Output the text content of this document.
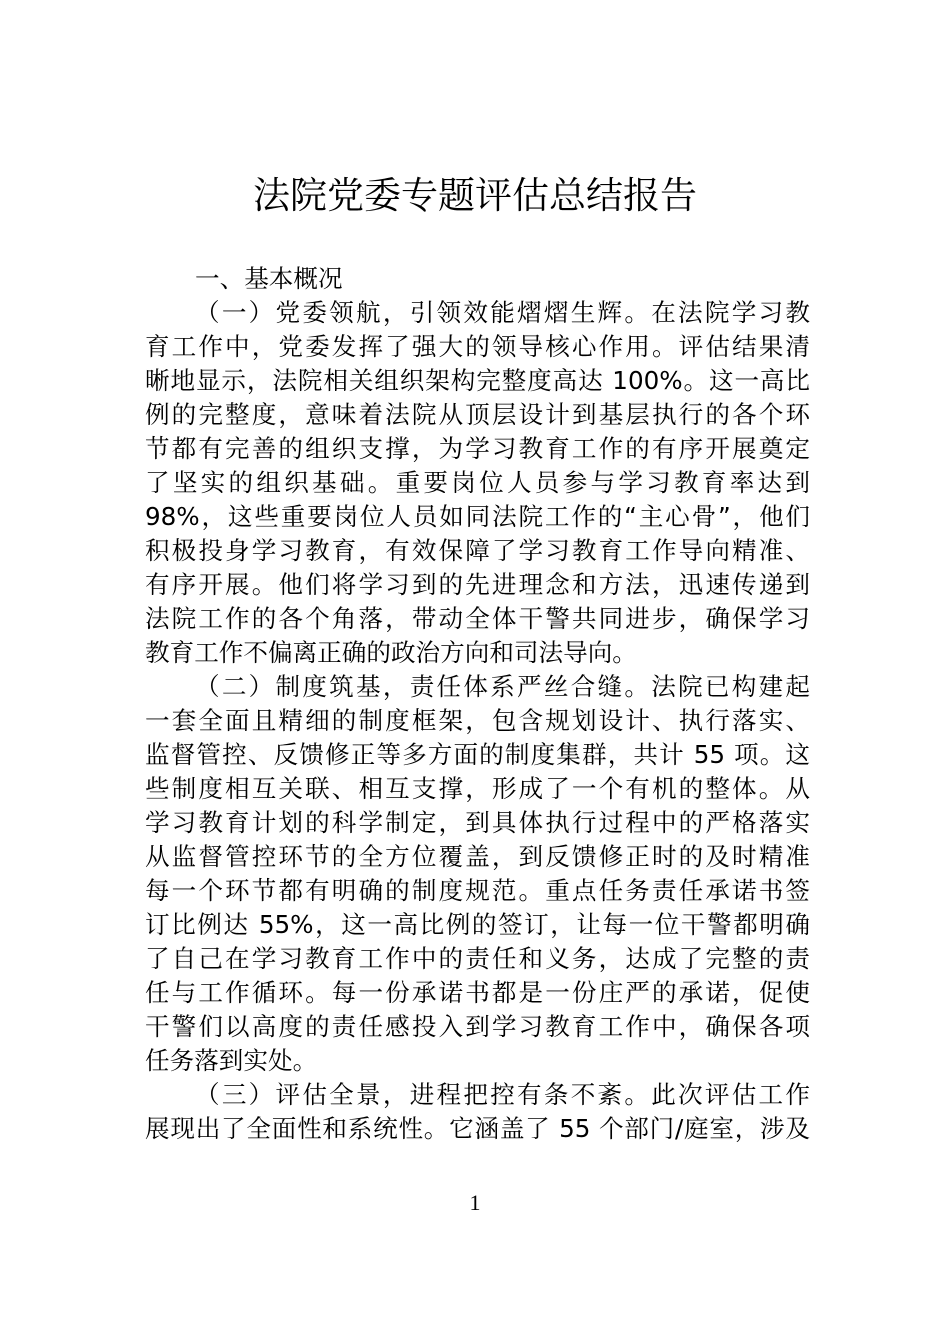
法院党委专题评估总结报告
一、基本概况
（一）党委领航，引领效能熠熠生辉。在法院学习教
育工作中，党委发挥了强大的领导核心作用。评估结果清
晰地显示，法院相关组织架构完整度高达 100%。这一高比
例的完整度，意味着法院从顶层设计到基层执行的各个环
节都有完善的组织支撑，为学习教育工作的有序开展奠定
了坚实的组织基础。重要岗位人员参与学习教育率达到
98%，这些重要岗位人员如同法院工作的“主心骨”，他们
积极投身学习教育，有效保障了学习教育工作导向精准、
有序开展。他们将学习到的先进理念和方法，迅速传递到
法院工作的各个角落，带动全体干警共同进步，确保学习
教育工作不偏离正确的政治方向和司法导向。
（二）制度筑基，责任体系严丝合缝。法院已构建起
一套全面且精细的制度框架，包含规划设计、执行落实、
监督管控、反馈修正等多方面的制度集群，共计 55 项。这
些制度相互关联、相互支撑，形成了一个有机的整体。从
学习教育计划的科学制定，到具体执行过程中的严格落实
从监督管控环节的全方位覆盖，到反馈修正时的及时精准
每一个环节都有明确的制度规范。重点任务责任承诺书签
订比例达 55%，这一高比例的签订，让每一位干警都明确
了自己在学习教育工作中的责任和义务，达成了完整的责
任与工作循环。每一份承诺书都是一份庄严的承诺，促使
干警们以高度的责任感投入到学习教育工作中，确保各项
任务落到实处。
（三）评估全景，进程把控有条不紊。此次评估工作
展现出了全面性和系统性。它涵盖了 55 个部门/庭室，涉及
1
